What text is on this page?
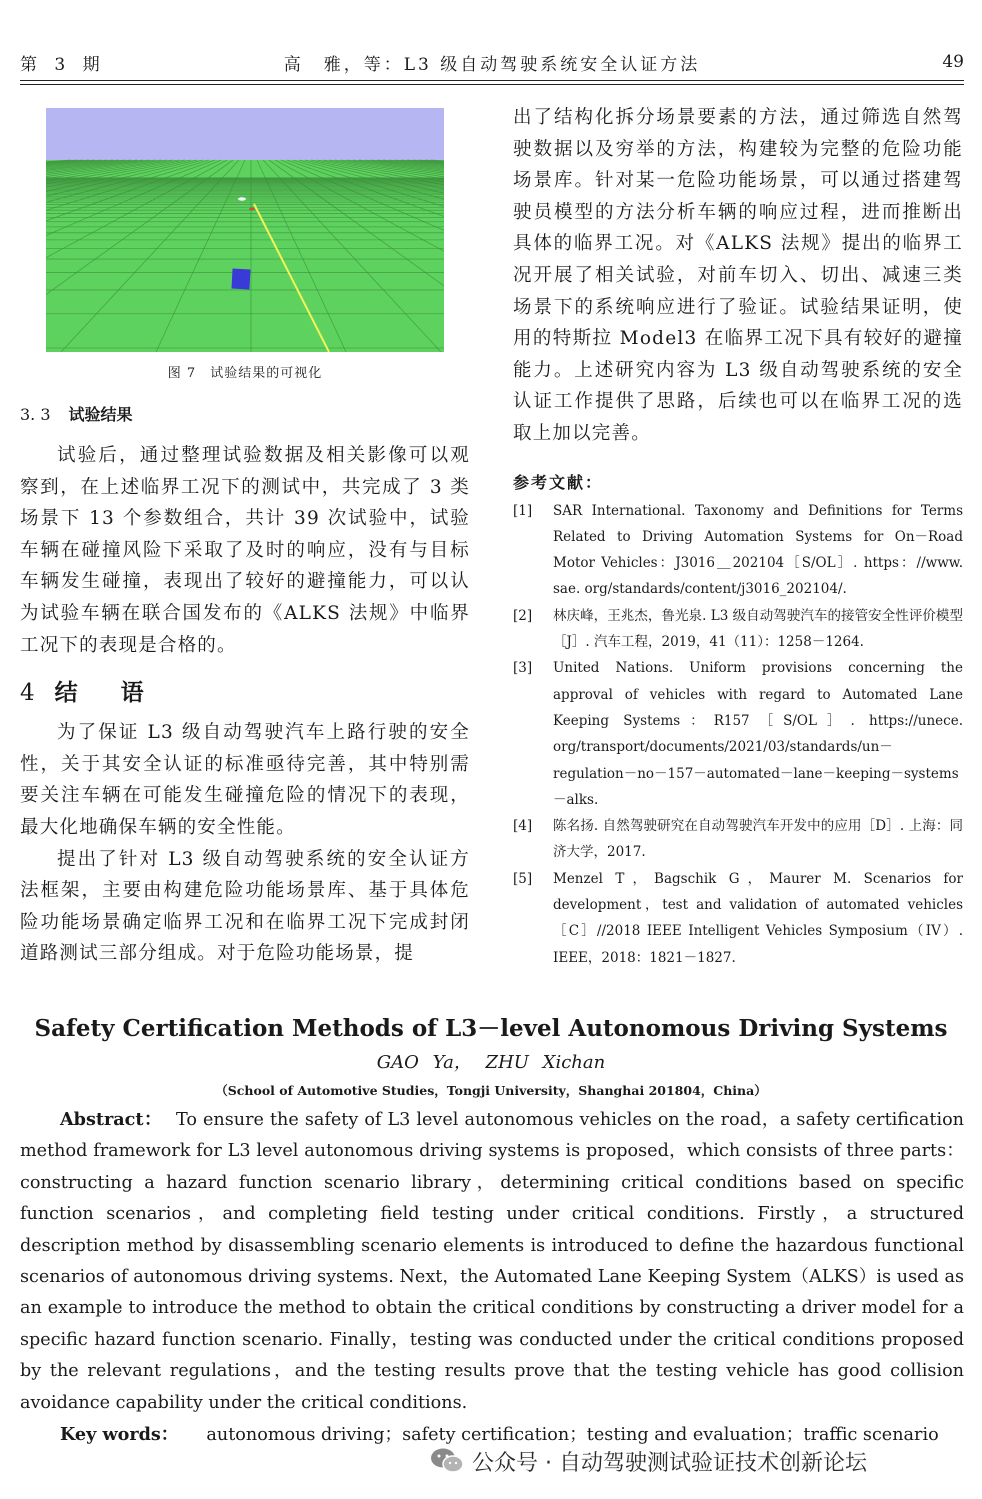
第 3 期	高　雅，等：L3 级自动驾驶系统安全认证方法	49
图 7　试验结果的可视化
3. 3 试验结果

试验后，通过整理试验数据及相关影像可以观察到，在上述临界工况下的测试中，共完成了 3 类场景下 13 个参数组合，共计 39 次试验中，试验车辆在碰撞风险下采取了及时的响应，没有与目标车辆发生碰撞，表现出了较好的避撞能力，可以认为试验车辆在联合国发布的《ALKS 法规》中临界工况下的表现是合格的。

4 结　语

为了保证 L3 级自动驾驶汽车上路行驶的安全性，关于其安全认证的标准亟待完善，其中特别需要关注车辆在可能发生碰撞危险的情况下的表现，最大化地确保车辆的安全性能。

提出了针对 L3 级自动驾驶系统的安全认证方法框架，主要由构建危险功能场景库、基于具体危险功能场景确定临界工况和在临界工况下完成封闭道路测试三部分组成。对于危险功能场景，提

出了结构化拆分场景要素的方法，通过筛选自然驾驶数据以及穷举的方法，构建较为完整的危险功能场景库。针对某一危险功能场景，可以通过搭建驾驶员模型的方法分析车辆的响应过程，进而推断出具体的临界工况。对《ALKS 法规》提出的临界工况开展了相关试验，对前车切入、切出、减速三类场景下的系统响应进行了验证。试验结果证明，使用的特斯拉 Model3 在临界工况下具有较好的避撞能力。上述研究内容为 L3 级自动驾驶系统的安全认证工作提供了思路，后续也可以在临界工况的选取上加以完善。

参考文献：

[1] SAR International. Taxonomy and Definitions for Terms Related to Driving Automation Systems for On－Road Motor Vehicles：J3016＿202104［S/OL］. https：//www. sae. org/standards/content/j3016_202104/.

[2] 林庆峰，王兆杰，鲁光泉. L3 级自动驾驶汽车的接管安全性评价模型［J］. 汽车工程，2019，41（11）：1258－1264.

[3] United Nations. Uniform provisions concerning the approval of vehicles with regard to Automated Lane Keeping Systems：R157［S/OL］. https://unece. org/transport/documents/2021/03/standards/un－regulation－no－157－automated－lane－keeping－systems－alks.

[4] 陈名扬. 自然驾驶研究在自动驾驶汽车开发中的应用［D］. 上海：同济大学，2017.

[5] Menzel T，Bagschik G，Maurer M. Scenarios for development，test and validation of automated vehicles［C］//2018 IEEE Intelligent Vehicles Symposium（IV）. IEEE，2018：1821－1827.

Safety Certification Methods of L3－level Autonomous Driving Systems
GAO Ya， ZHU Xichan
（School of Automotive Studies，Tongji University，Shanghai 201804，China）

Abstract： To ensure the safety of L3 level autonomous vehicles on the road，a safety certification method framework for L3 level autonomous driving systems is proposed，which consists of three parts：constructing a hazard function scenario library，determining critical conditions based on specific function scenarios，and completing field testing under critical conditions. Firstly，a structured description method by disassembling scenario elements is introduced to define the hazardous functional scenarios of autonomous driving systems. Next，the Automated Lane Keeping System（ALKS）is used as an example to introduce the method to obtain the critical conditions by constructing a driver model for a specific hazard function scenario. Finally，testing was conducted under the critical conditions proposed by the relevant regulations，and the testing results prove that the testing vehicle has good collision avoidance capability under the critical conditions.

Key words： autonomous driving；safety certification；testing and evaluation；traffic scenario
公众号 · 自动驾驶测试验证技术创新论坛
